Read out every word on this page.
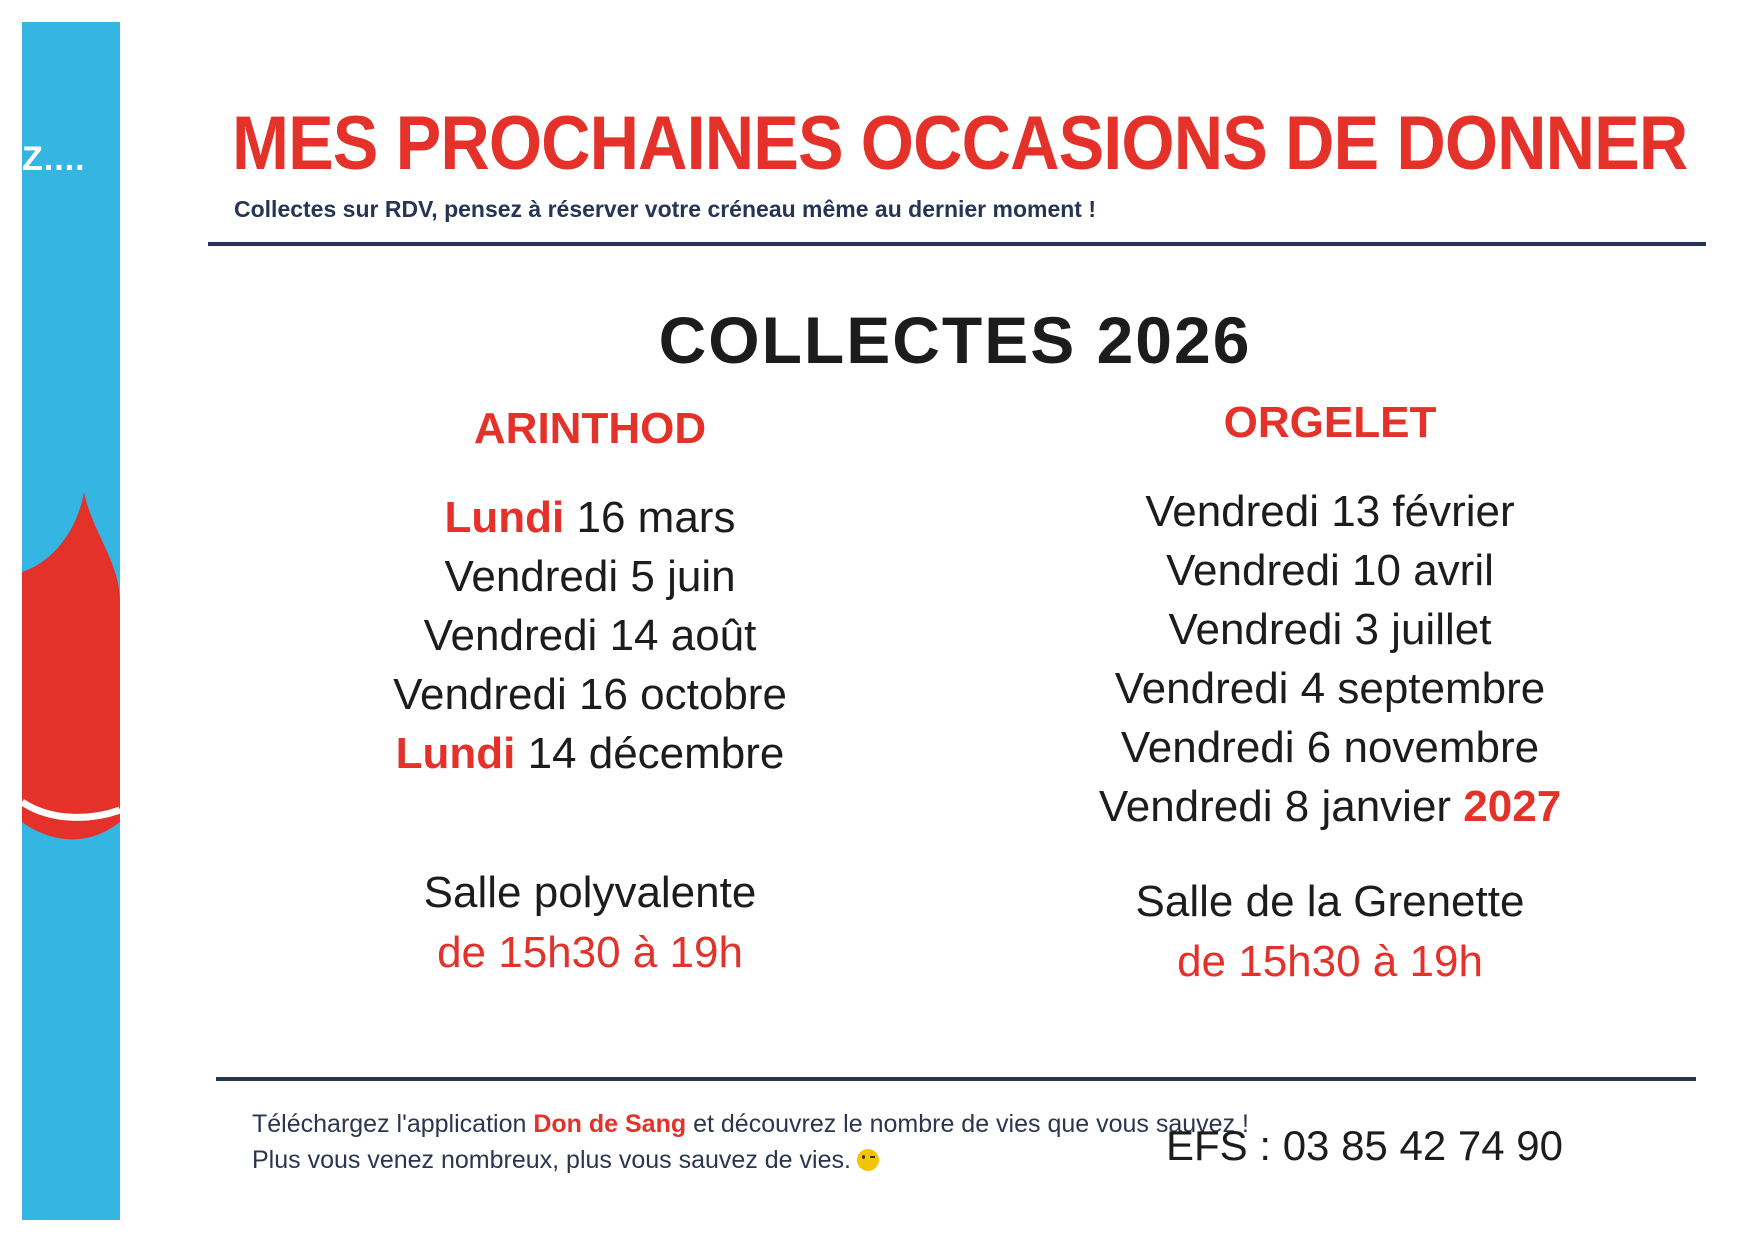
Z.... MES PROCHAINES OCCASIONS DE DONNER

Collectes sur RDV, pensez à réserver votre créneau même au dernier moment !

COLLECTES 2026
ARINTHOD
Lundi 16 mars
Vendredi 5 juin
Vendredi 14 août
Vendredi 16 octobre
Lundi 14 décembre

Salle polyvalente

de 15h30 à 19h

ORGELET
Vendredi 13 février
Vendredi 10 avril
Vendredi 3 juillet
Vendredi 4 septembre
Vendredi 6 novembre
Vendredi 8 janvier 2027

Salle de la Grenette

de 15h30 à 19h

Téléchargez l'application Don de Sang et découvrez le nombre de vies que vous sauvez !

Plus vous venez nombreux, plus vous sauvez de vies.	EFS : 03 85 42 74 90
